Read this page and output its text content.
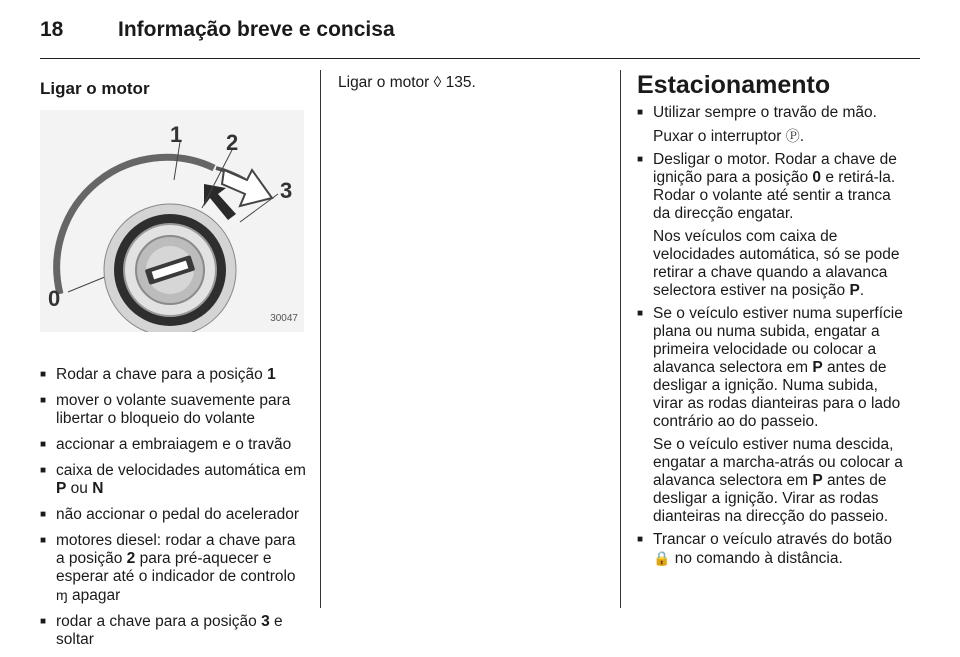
18	Informação breve e concisa
Ligar o motor
0
1 2
3
30047
■ Rodar a chave para a posição 1
■ mover o volante suavemente para libertar o bloqueio do volante
■ accionar a embraiagem e o travão
■ caixa de velocidades automática em P ou N
■ não accionar o pedal do acelerador
■ motores diesel: rodar a chave para a posição 2 para pré-aquecer e esperar até o indicador de controlo ɱ apagar
■ rodar a chave para a posição 3 e soltar
Ligar o motor ◊ 135.	Estacionamento
■ Utilizar sempre o travão de mão.
Puxar o interruptor Ⓟ.
■ Desligar o motor. Rodar a chave de ignição para a posição 0 e retirá-la. Rodar o volante até sentir a tranca da direcção engatar.
Nos veículos com caixa de velocidades automática, só se pode retirar a chave quando a alavanca selectora estiver na posição P.
■ Se o veículo estiver numa superfície plana ou numa subida, engatar a primeira velocidade ou colocar a alavanca selectora em P antes de desligar a ignição. Numa subida, virar as rodas dianteiras para o lado contrário ao do passeio.
Se o veículo estiver numa descida, engatar a marcha-atrás ou colocar a alavanca selectora em P antes de desligar a ignição. Virar as rodas dianteiras na direcção do passeio.
■ Trancar o veículo através do botão 🔒 no comando à distância.
